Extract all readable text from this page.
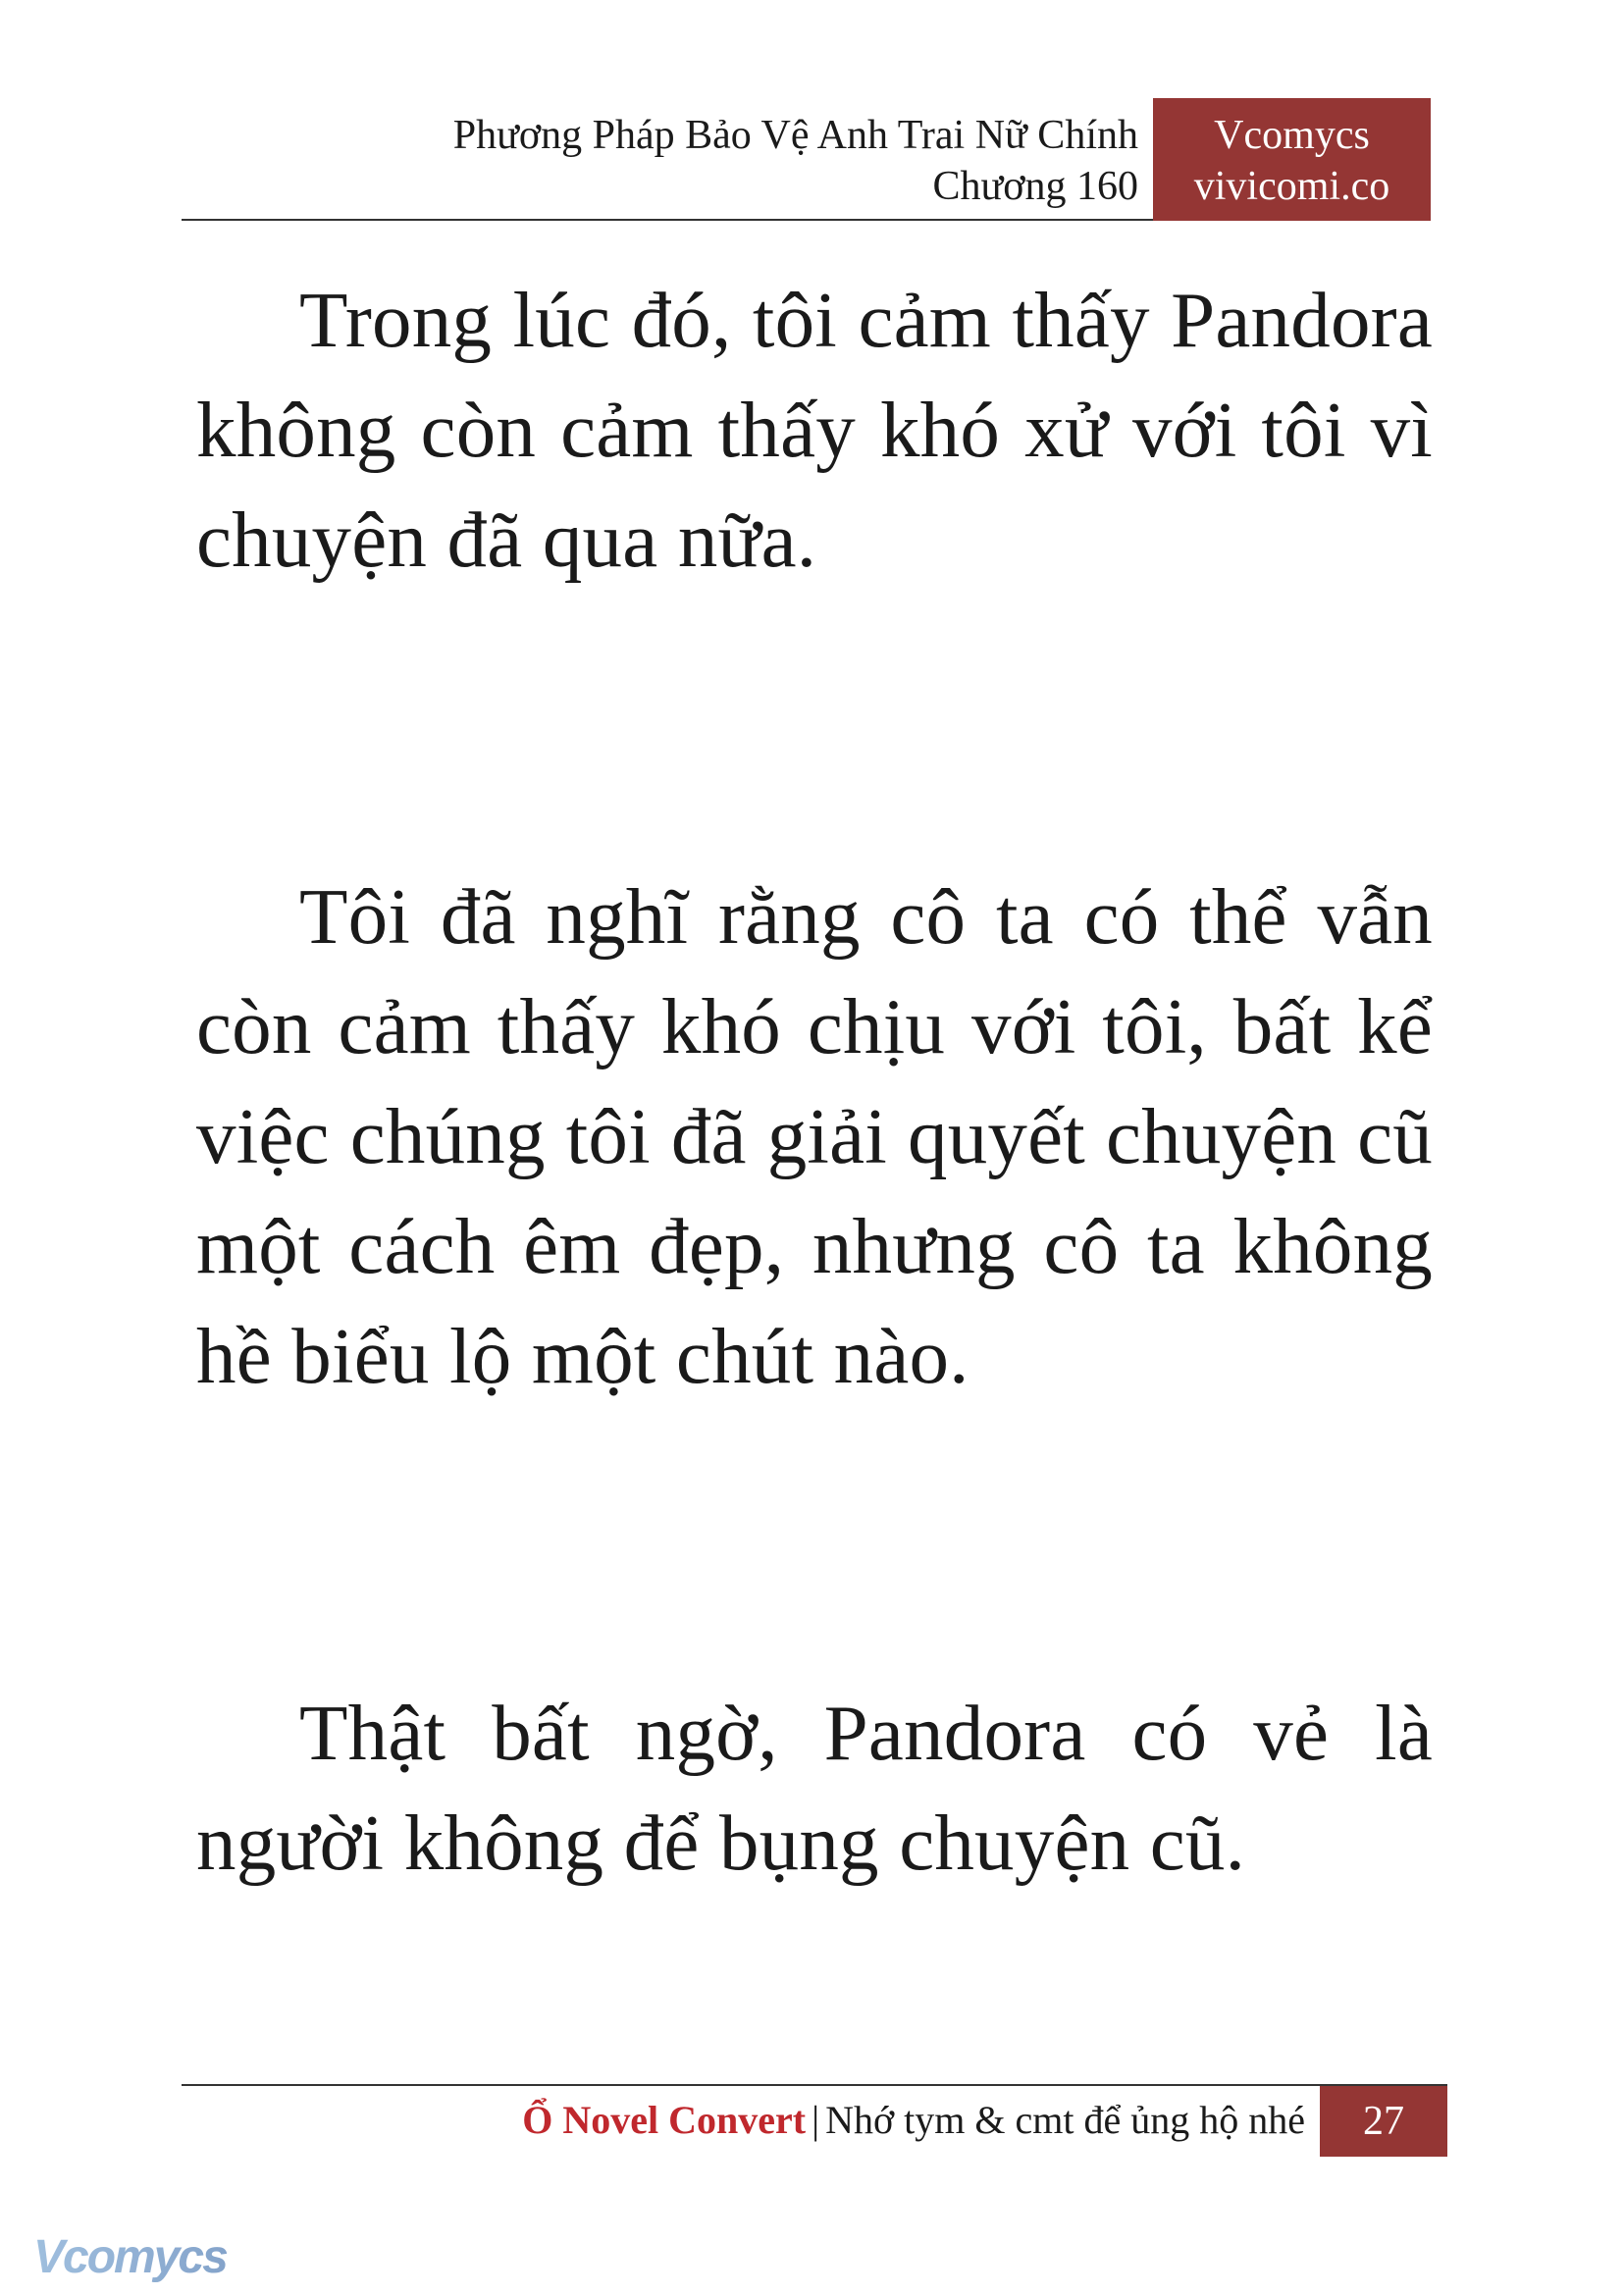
Phương Pháp Bảo Vệ Anh Trai Nữ Chính
Chương 160
Vcomycs
vivicomi.co

Trong lúc đó, tôi cảm thấy Pandora không còn cảm thấy khó xử với tôi vì chuyện đã qua nữa.

Tôi đã nghĩ rằng cô ta có thể vẫn còn cảm thấy khó chịu với tôi, bất kể việc chúng tôi đã giải quyết chuyện cũ một cách êm đẹp, nhưng cô ta không hề biểu lộ một chút nào.

Thật bất ngờ, Pandora có vẻ là người không để bụng chuyện cũ.

Ổ Novel Convert | Nhớ tym & cmt để ủng hộ nhé	27
Vcomycs
